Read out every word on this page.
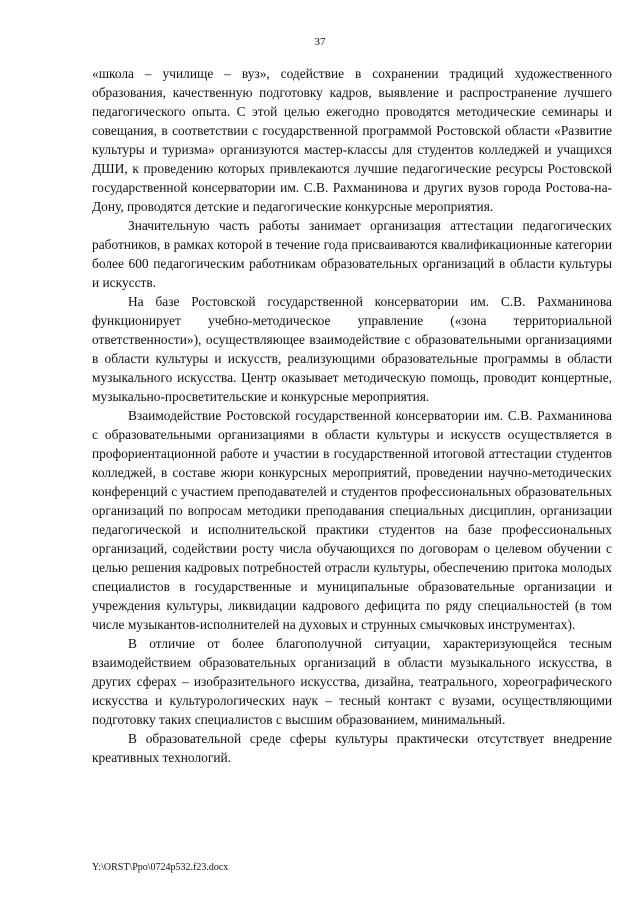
37

«школа – училище – вуз», содействие в сохранении традиций художественного образования, качественную подготовку кадров, выявление и распространение лучшего педагогического опыта. С этой целью ежегодно проводятся методические семинары и совещания, в соответствии с государственной программой Ростовской области «Развитие культуры и туризма» организуются мастер-классы для студентов колледжей и учащихся ДШИ, к проведению которых привлекаются лучшие педагогические ресурсы Ростовской государственной консерватории им. С.В. Рахманинова и других вузов города Ростова-на-Дону, проводятся детские и педагогические конкурсные мероприятия.

Значительную часть работы занимает организация аттестации педагогических работников, в рамках которой в течение года присваиваются квалификационные категории более 600 педагогическим работникам образовательных организаций в области культуры и искусств.

На базе Ростовской государственной консерватории им. С.В. Рахманинова функционирует учебно-методическое управление («зона территориальной ответственности»), осуществляющее взаимодействие с образовательными организациями в области культуры и искусств, реализующими образовательные программы в области музыкального искусства. Центр оказывает методическую помощь, проводит концертные, музыкально-просветительские и конкурсные мероприятия.

Взаимодействие Ростовской государственной консерватории им. С.В. Рахманинова с образовательными организациями в области культуры и искусств осуществляется в профориентационной работе и участии в государственной итоговой аттестации студентов колледжей, в составе жюри конкурсных мероприятий, проведении научно-методических конференций с участием преподавателей и студентов профессиональных образовательных организаций по вопросам методики преподавания специальных дисциплин, организации педагогической и исполнительской практики студентов на базе профессиональных организаций, содействии росту числа обучающихся по договорам о целевом обучении с целью решения кадровых потребностей отрасли культуры, обеспечению притока молодых специалистов в государственные и муниципальные образовательные организации и учреждения культуры, ликвидации кадрового дефицита по ряду специальностей (в том числе музыкантов-исполнителей на духовых и струнных смычковых инструментах).

В отличие от более благополучной ситуации, характеризующейся тесным взаимодействием образовательных организаций в области музыкального искусства, в других сферах – изобразительного искусства, дизайна, театрального, хореографического искусства и культурологических наук – тесный контакт с вузами, осуществляющими подготовку таких специалистов с высшим образованием, минимальный.

В образовательной среде сферы культуры практически отсутствует внедрение креативных технологий.

Y:\ORST\Ppo\0724p532.f23.docx
